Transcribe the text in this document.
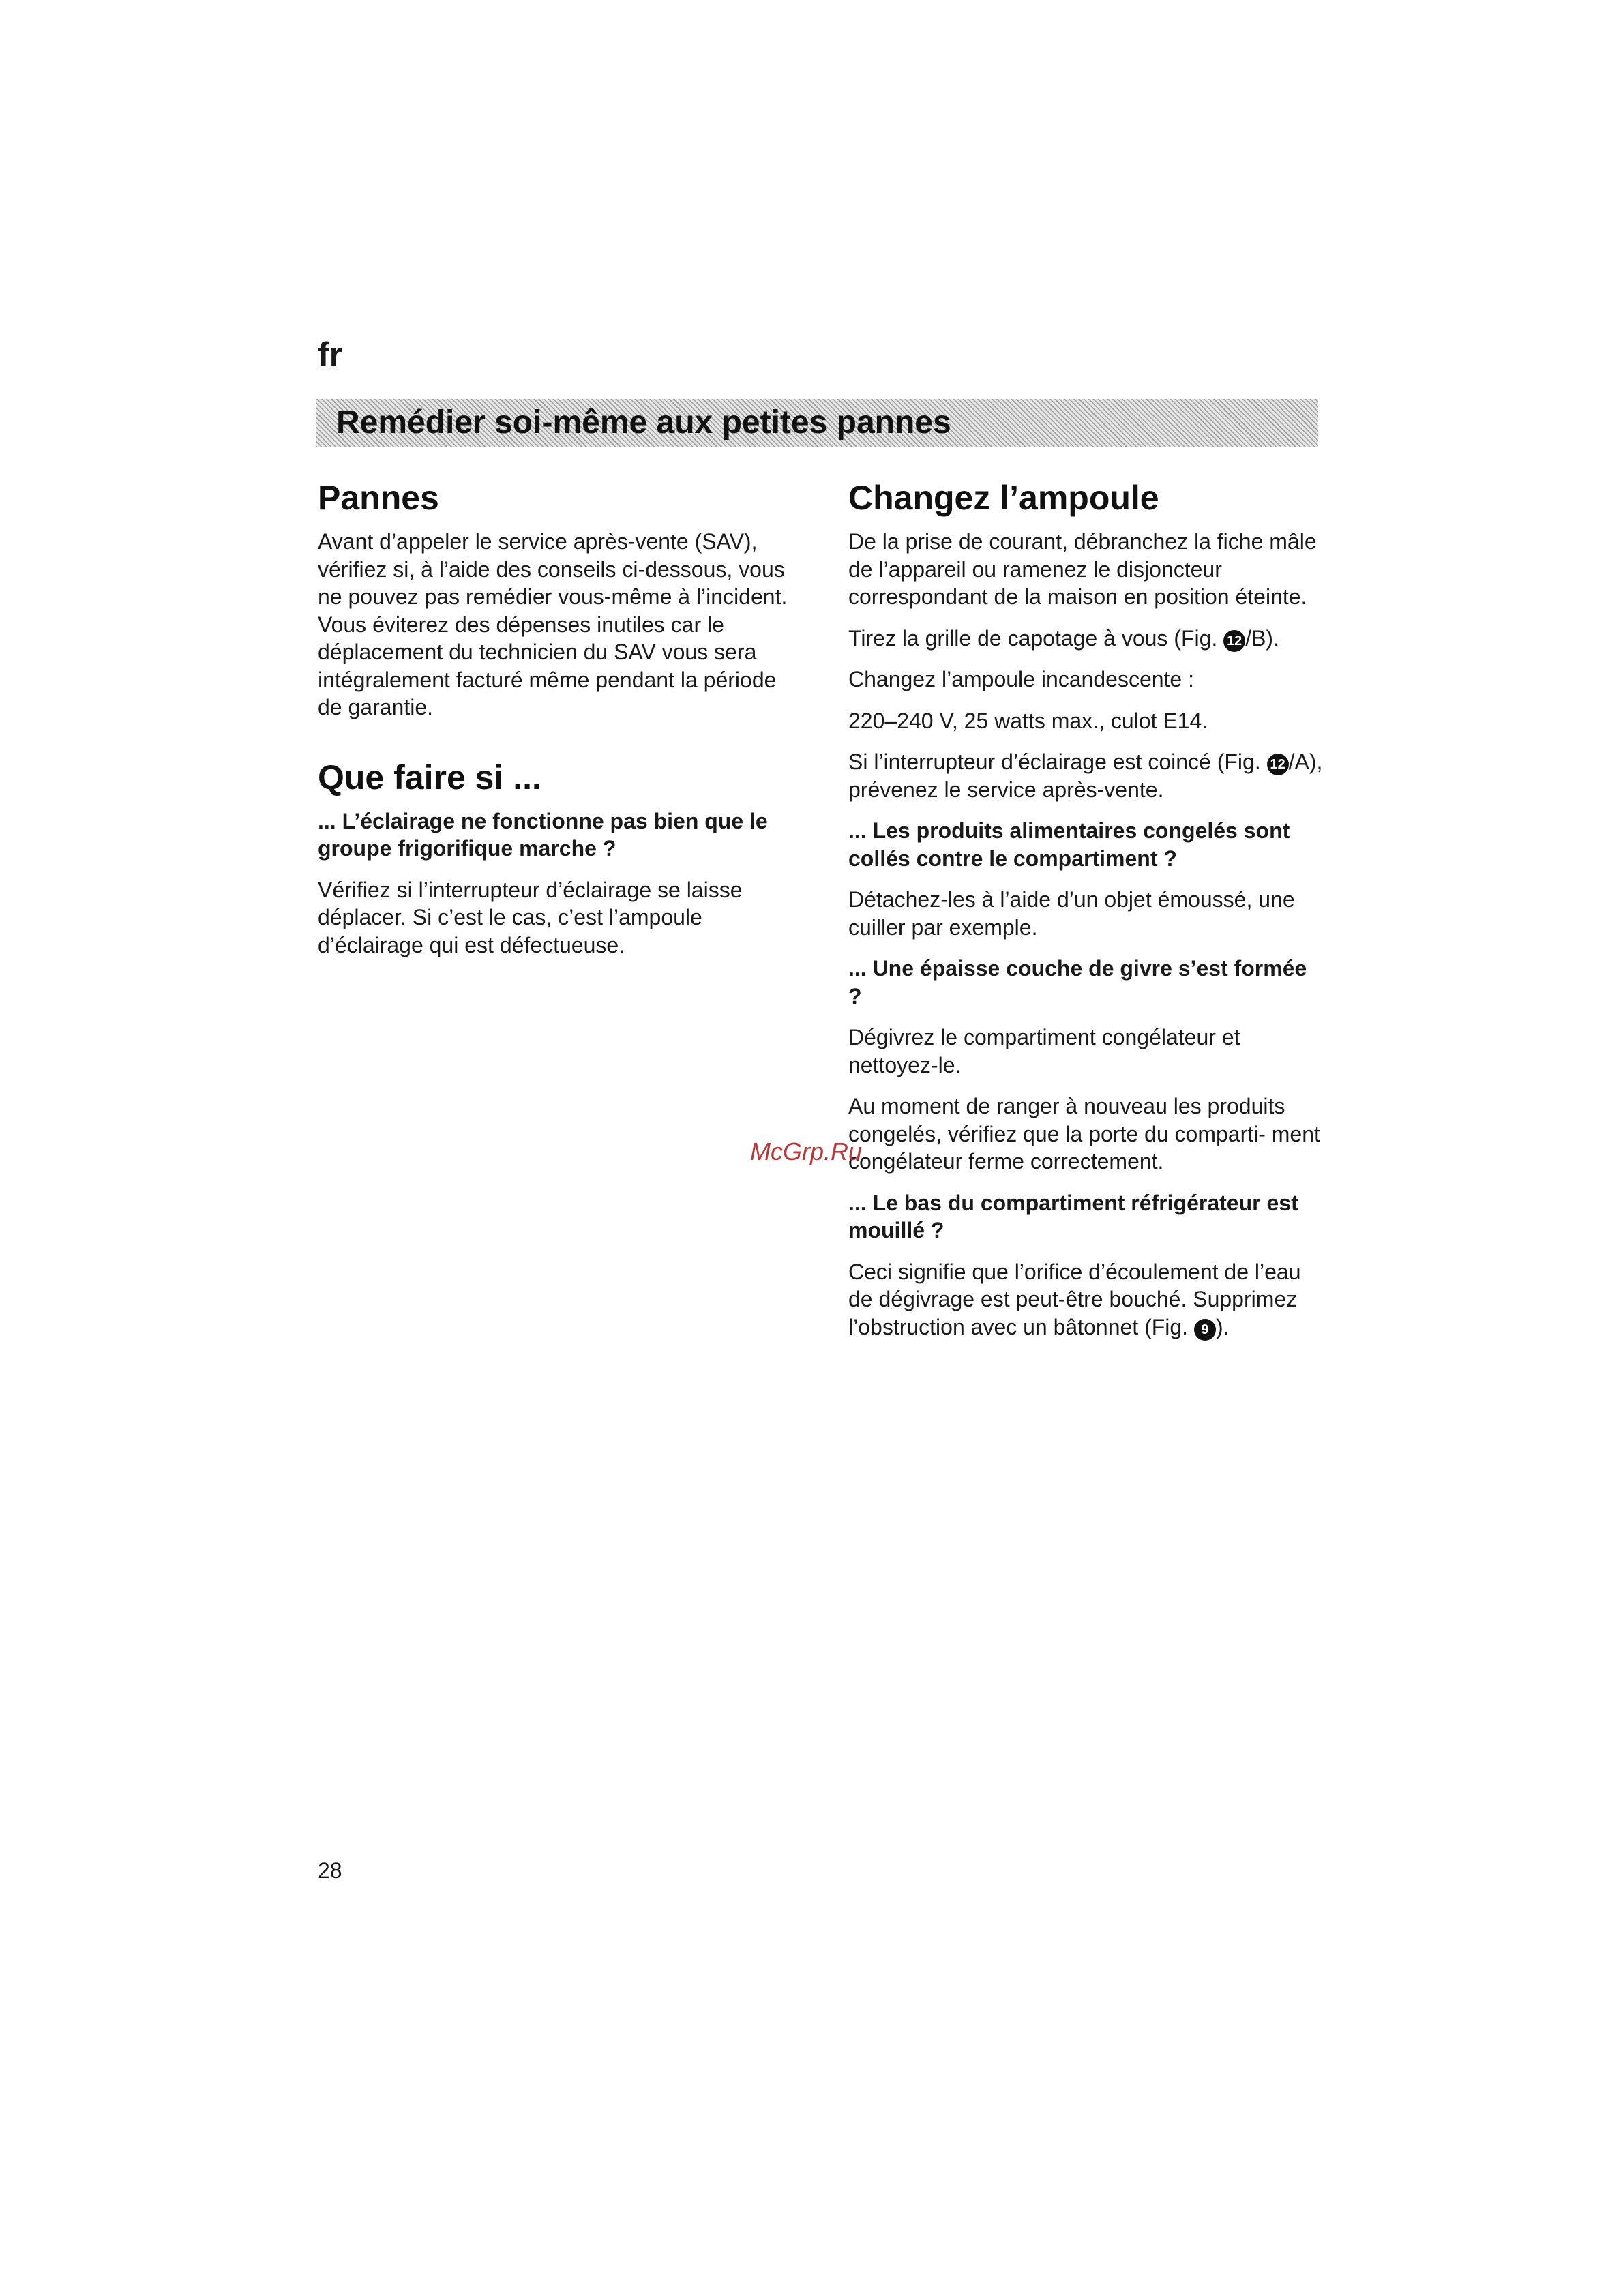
fr
Remédier soi-même aux petites pannes
Pannes

Avant d’appeler le service après-vente (SAV), vérifiez si, à l’aide des conseils ci-dessous, vous ne pouvez pas remédier vous-même à l’incident. Vous éviterez des dépenses inutiles car le déplacement du technicien du SAV vous sera intégralement facturé même pendant la période de garantie.

Que faire si ...

... L’éclairage ne fonctionne pas bien que le groupe frigorifique marche ?

Vérifiez si l’interrupteur d’éclairage se laisse déplacer. Si c’est le cas, c’est l’ampoule d’éclairage qui est défectueuse.

Changez l’ampoule

De la prise de courant, débranchez la fiche mâle de l’appareil ou ramenez le disjoncteur correspondant de la maison en position éteinte.

Tirez la grille de capotage à vous (Fig. 12 /B).

Changez l’ampoule incandescente :

220–240 V, 25 watts max., culot E14.

Si l’interrupteur d’éclairage est coincé (Fig. 12 /A), prévenez le service après-vente.

... Les produits alimentaires congelés sont collés contre le compartiment ?

Détachez-les à l’aide d’un objet émoussé, une cuiller par exemple.

... Une épaisse couche de givre s’est formée ?

Dégivrez le compartiment congélateur et nettoyez-le.

Au moment de ranger à nouveau les produits congelés, vérifiez que la porte du comparti- ment congélateur ferme correctement.

... Le bas du compartiment réfrigérateur est mouillé ?

Ceci signifie que l’orifice d’écoulement de l’eau de dégivrage est peut-être bouché. Supprimez l’obstruction avec un bâtonnet (Fig. 9 ).

McGrp.Ru
28
